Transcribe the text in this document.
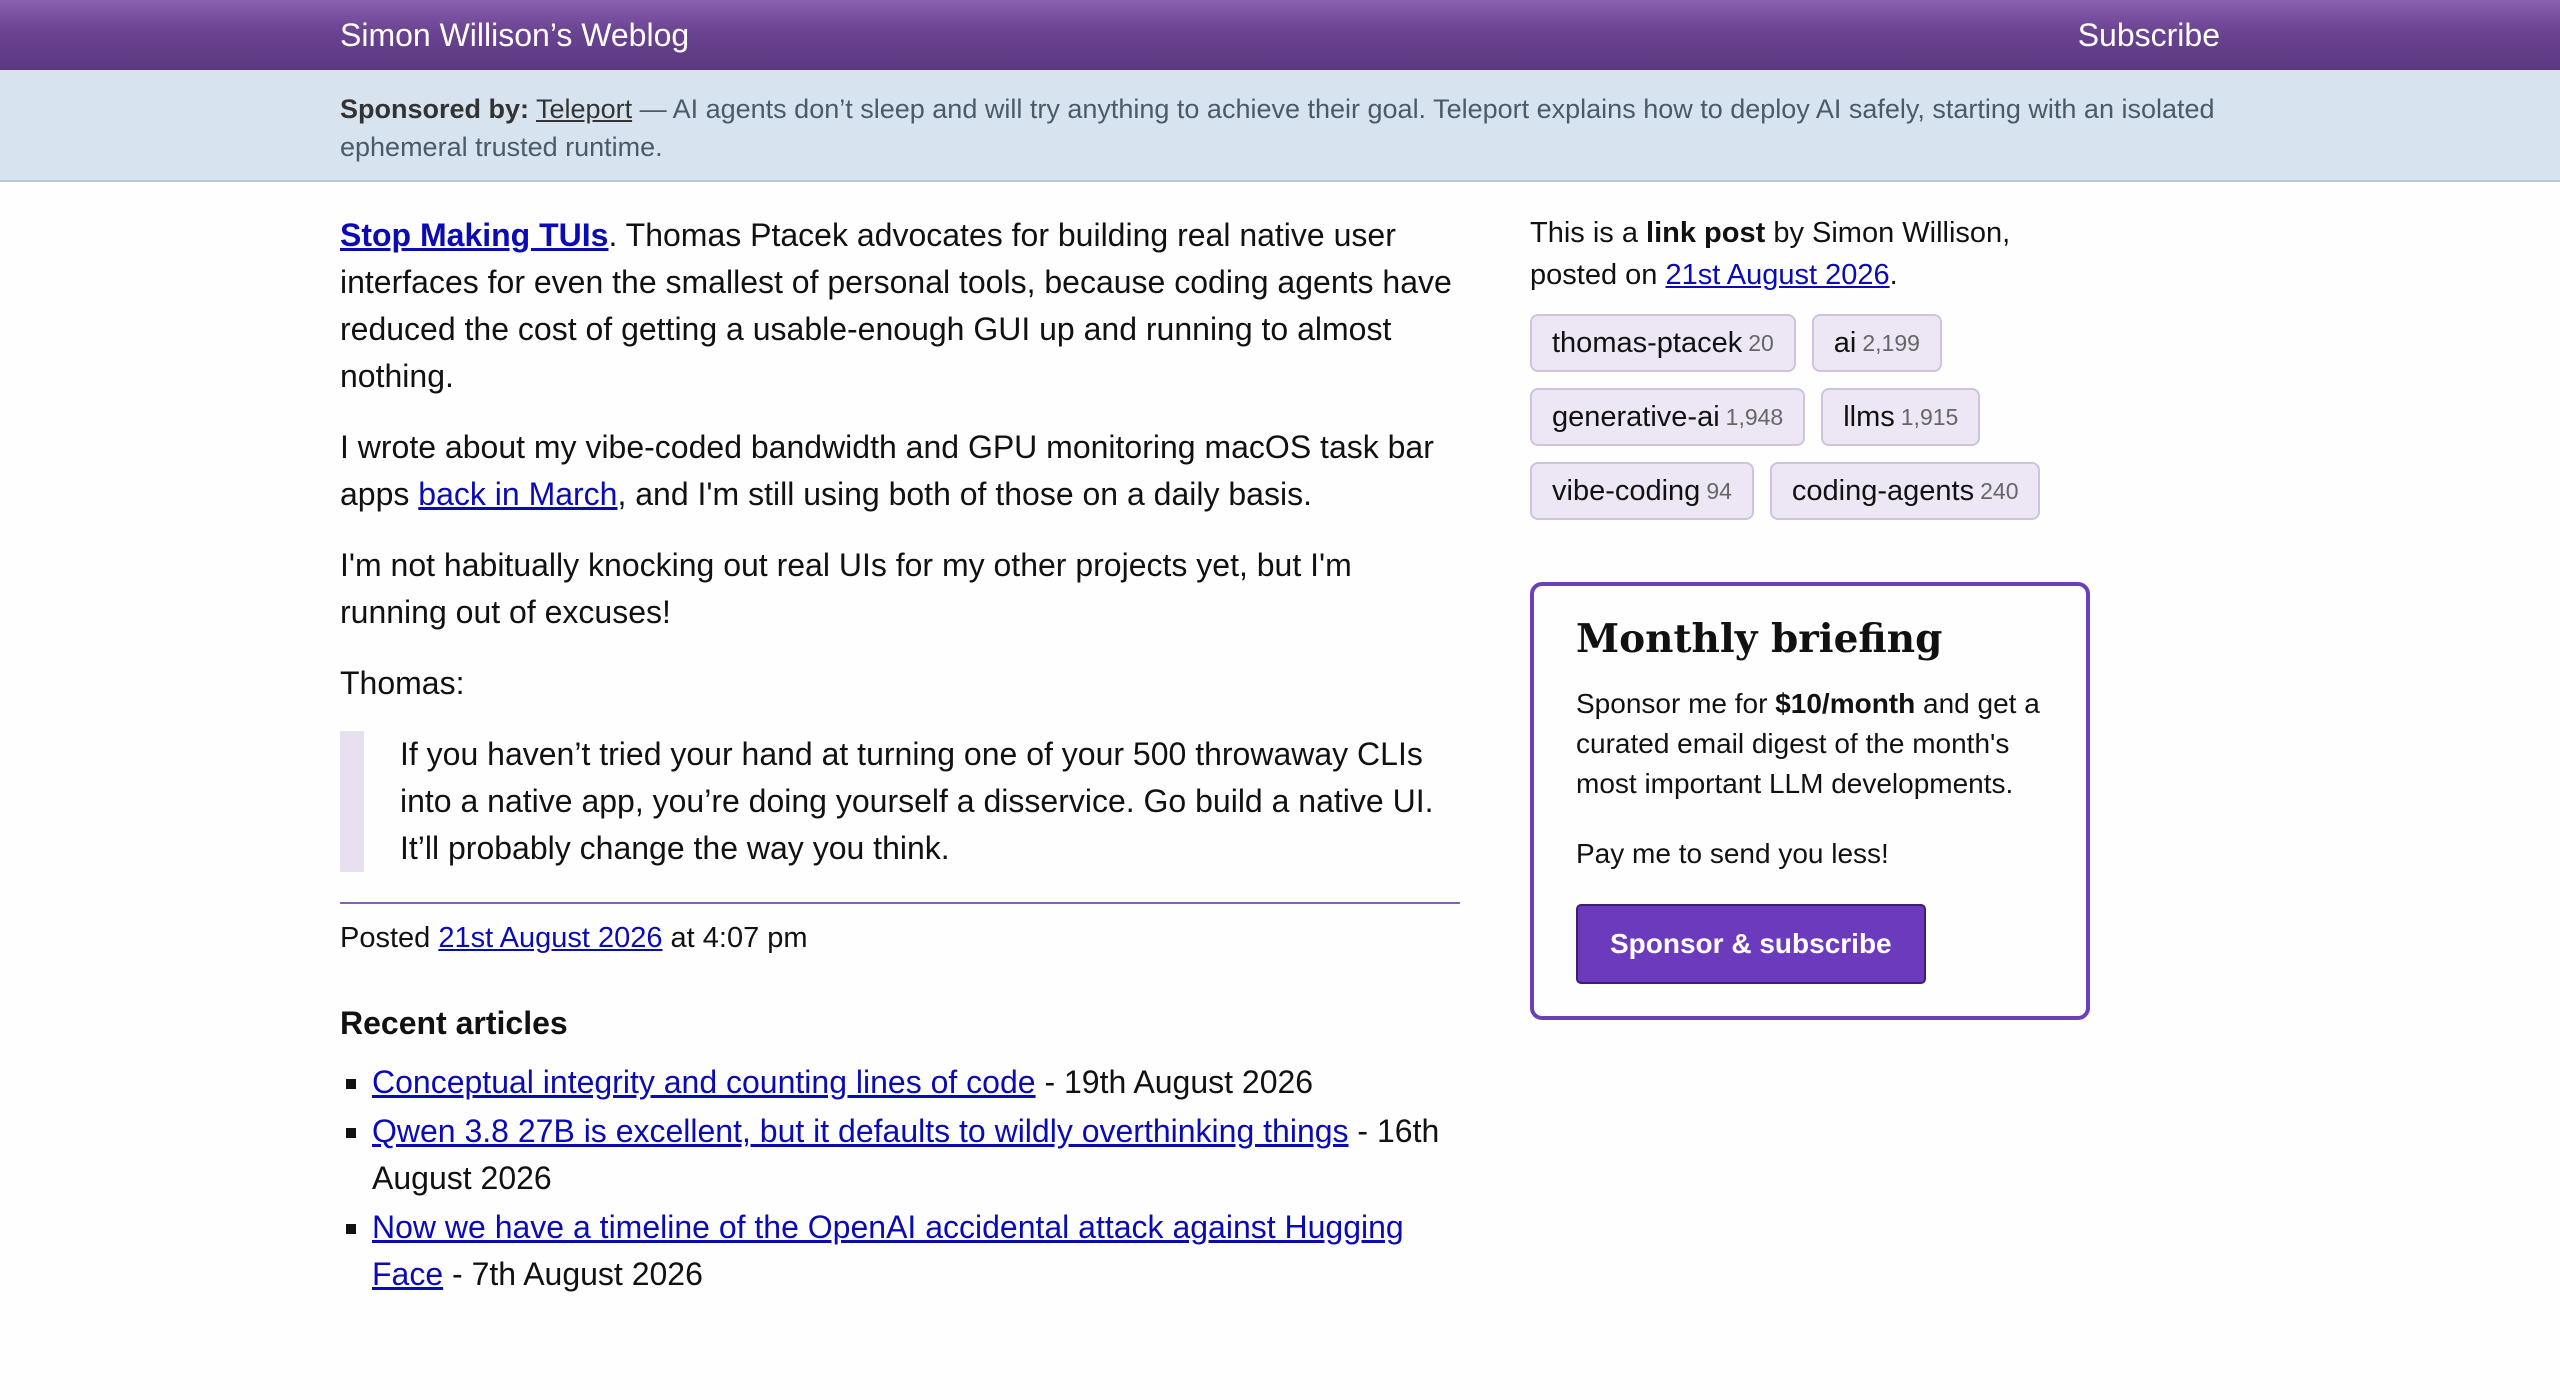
Simon Willison’s Weblog	Subscribe
Sponsored by: Teleport — AI agents don’t sleep and will try anything to achieve their goal. Teleport explains how to deploy AI safely, starting with an isolated ephemeral trusted runtime.

Stop Making TUIs. Thomas Ptacek advocates for building real native user interfaces for even the smallest of personal tools, because coding agents have reduced the cost of getting a usable-enough GUI up and running to almost nothing.

I wrote about my vibe-coded bandwidth and GPU monitoring macOS task bar apps back in March, and I'm still using both of those on a daily basis.

I'm not habitually knocking out real UIs for my other projects yet, but I'm running out of excuses!

Thomas:

If you haven’t tried your hand at turning one of your 500 throwaway CLIs into a native app, you’re doing yourself a disservice. Go build a native UI. It’ll probably change the way you think.
Posted 21st August 2026 at 4:07 pm
Recent articles
▪ Conceptual integrity and counting lines of code - 19th August 2026
▪ Qwen 3.8 27B is excellent, but it defaults to wildly overthinking things - 16th August 2026
▪ Now we have a timeline of the OpenAI accidental attack against Hugging Face - 7th August 2026
This is a link post by Simon Willison, posted on 21st August 2026.
thomas-ptacek 20 ai 2,199
generative-ai 1,948 llms 1,915
vibe-coding 94 coding-agents 240
Monthly briefing

Sponsor me for $10/month and get a curated email digest of the month's most important LLM developments.

Pay me to send you less!

Sponsor & subscribe
